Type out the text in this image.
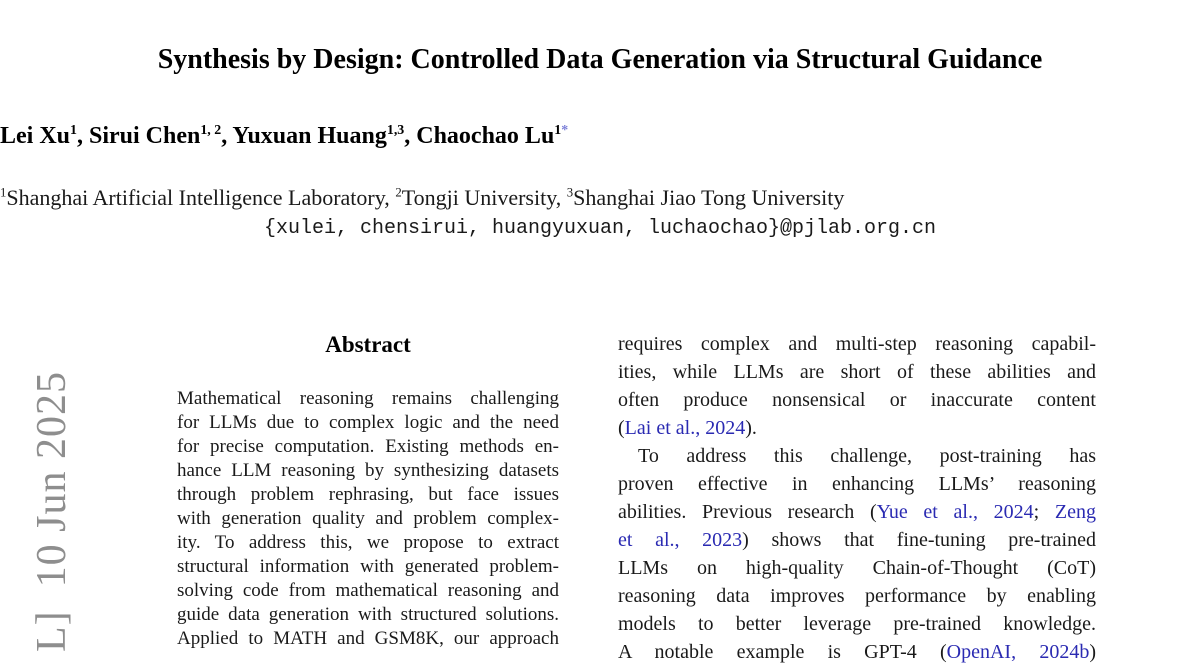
L]  10 Jun 2025
Synthesis by Design: Controlled Data Generation via Structural Guidance
Lei Xu$^1$, Sirui Chen$^{1, 2}$, Yuxuan Huang$^{1,3}$, Chaochao $Lu^{1*}$
$^1$Shanghai Artificial Intelligence Laboratory, $^2$Tongji University, $^3$Shanghai Jiao Tong University
{xulei, chensirui, huangyuxuan, luchaochao}@pjlab.org.cn
Abstract
Mathematical reasoning remains challenging
for LLMs due to complex logic and the need
for precise computation. Existing methods en-
hance LLM reasoning by synthesizing datasets
through problem rephrasing, but face issues
with generation quality and problem complex-
ity. To address this, we propose to extract
structural information with generated problem-
solving code from mathematical reasoning and
guide data generation with structured solutions.
Applied to MATH and GSM8K, our approach
requires complex and multi-step reasoning capabil-
ities, while LLMs are short of these abilities and
often produce nonsensical or inaccurate content
(Lai et al., 2024).
To address this challenge, post-training has
proven effective in enhancing LLMs’ reasoning
abilities. Previous research (Yue et al., 2024; Zeng
et al., 2023) shows that fine-tuning pre-trained
LLMs on high-quality Chain-of-Thought (CoT)
reasoning data improves performance by enabling
models to better leverage pre-trained knowledge.
A notable example is GPT-4 (OpenAI, 2024b)
